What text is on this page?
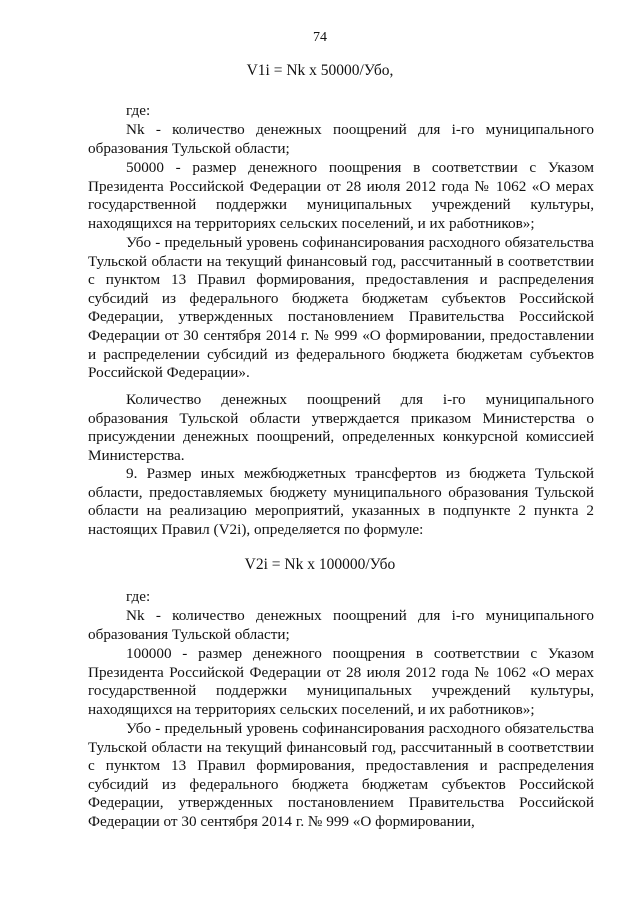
74
V1i = Nk x 50000/Убо,

где:

Nk - количество денежных поощрений для i-го муниципального образования Тульской области;

50000 - размер денежного поощрения в соответствии с Указом Президента Российской Федерации от 28 июля 2012 года № 1062 «О мерах государственной поддержки муниципальных учреждений культуры, находящихся на территориях сельских поселений, и их работников»;

Убо - предельный уровень софинансирования расходного обязательства Тульской области на текущий финансовый год, рассчитанный в соответствии с пунктом 13 Правил формирования, предоставления и распределения субсидий из федерального бюджета бюджетам субъектов Российской Федерации, утвержденных постановлением Правительства Российской Федерации от 30 сентября 2014 г. № 999 «О формировании, предоставлении и распределении субсидий из федерального бюджета бюджетам субъектов Российской Федерации».

Количество денежных поощрений для i-го муниципального образования Тульской области утверждается приказом Министерства о присуждении денежных поощрений, определенных конкурсной комиссией Министерства.

9. Размер иных межбюджетных трансфертов из бюджета Тульской области, предоставляемых бюджету муниципального образования Тульской области на реализацию мероприятий, указанных в подпункте 2 пункта 2 настоящих Правил (V2i), определяется по формуле:

V2i = Nk x 100000/Убо

где:

Nk - количество денежных поощрений для i-го муниципального образования Тульской области;

100000 - размер денежного поощрения в соответствии с Указом Президента Российской Федерации от 28 июля 2012 года № 1062 «О мерах государственной поддержки муниципальных учреждений культуры, находящихся на территориях сельских поселений, и их работников»;

Убо - предельный уровень софинансирования расходного обязательства Тульской области на текущий финансовый год, рассчитанный в соответствии с пунктом 13 Правил формирования, предоставления и распределения субсидий из федерального бюджета бюджетам субъектов Российской Федерации, утвержденных постановлением Правительства Российской Федерации от 30 сентября 2014 г. № 999 «О формировании,
